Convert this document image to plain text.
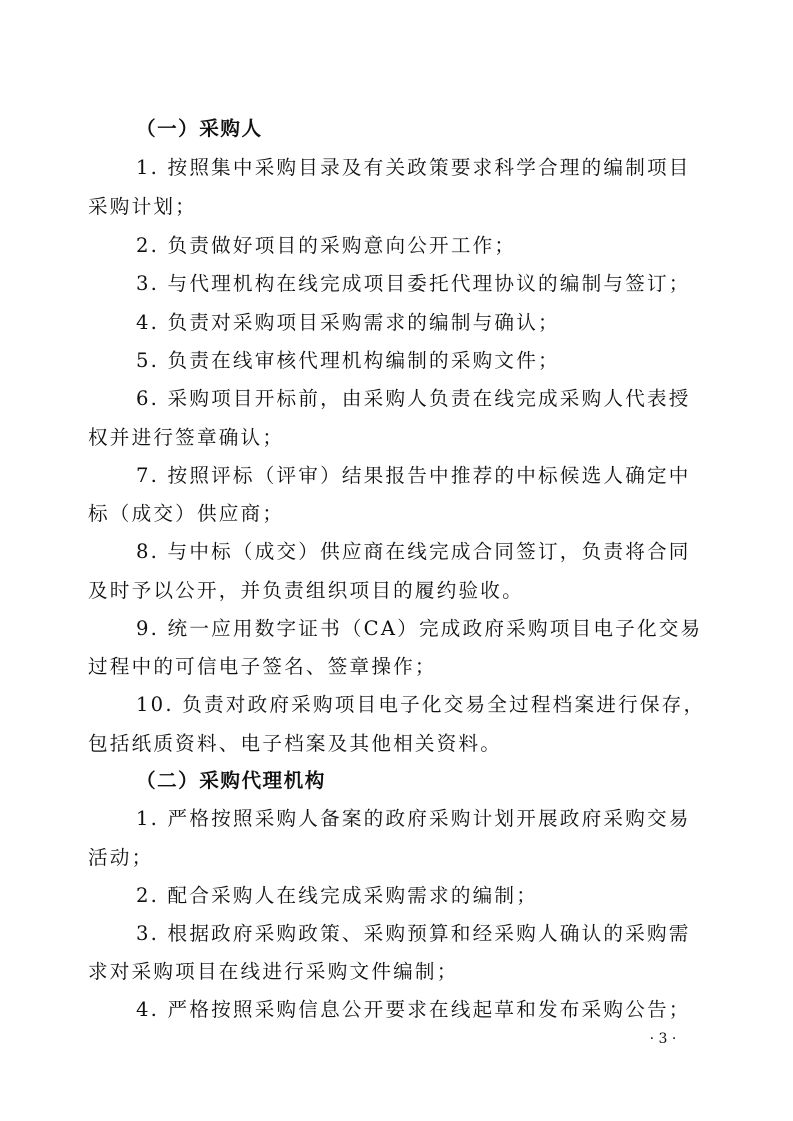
（一）采购人
1. 按照集中采购目录及有关政策要求科学合理的编制项目
采购计划；
2. 负责做好项目的采购意向公开工作；
3. 与代理机构在线完成项目委托代理协议的编制与签订；
4. 负责对采购项目采购需求的编制与确认；
5. 负责在线审核代理机构编制的采购文件；
6. 采购项目开标前，由采购人负责在线完成采购人代表授
权并进行签章确认；
7. 按照评标（评审）结果报告中推荐的中标候选人确定中
标（成交）供应商；
8. 与中标（成交）供应商在线完成合同签订，负责将合同
及时予以公开，并负责组织项目的履约验收。
9. 统一应用数字证书（CA）完成政府采购项目电子化交易
过程中的可信电子签名、签章操作；
10. 负责对政府采购项目电子化交易全过程档案进行保存，
包括纸质资料、电子档案及其他相关资料。
（二）采购代理机构
1. 严格按照采购人备案的政府采购计划开展政府采购交易
活动；
2. 配合采购人在线完成采购需求的编制；
3. 根据政府采购政策、采购预算和经采购人确认的采购需
求对采购项目在线进行采购文件编制；
4. 严格按照采购信息公开要求在线起草和发布采购公告；
· 3 ·
